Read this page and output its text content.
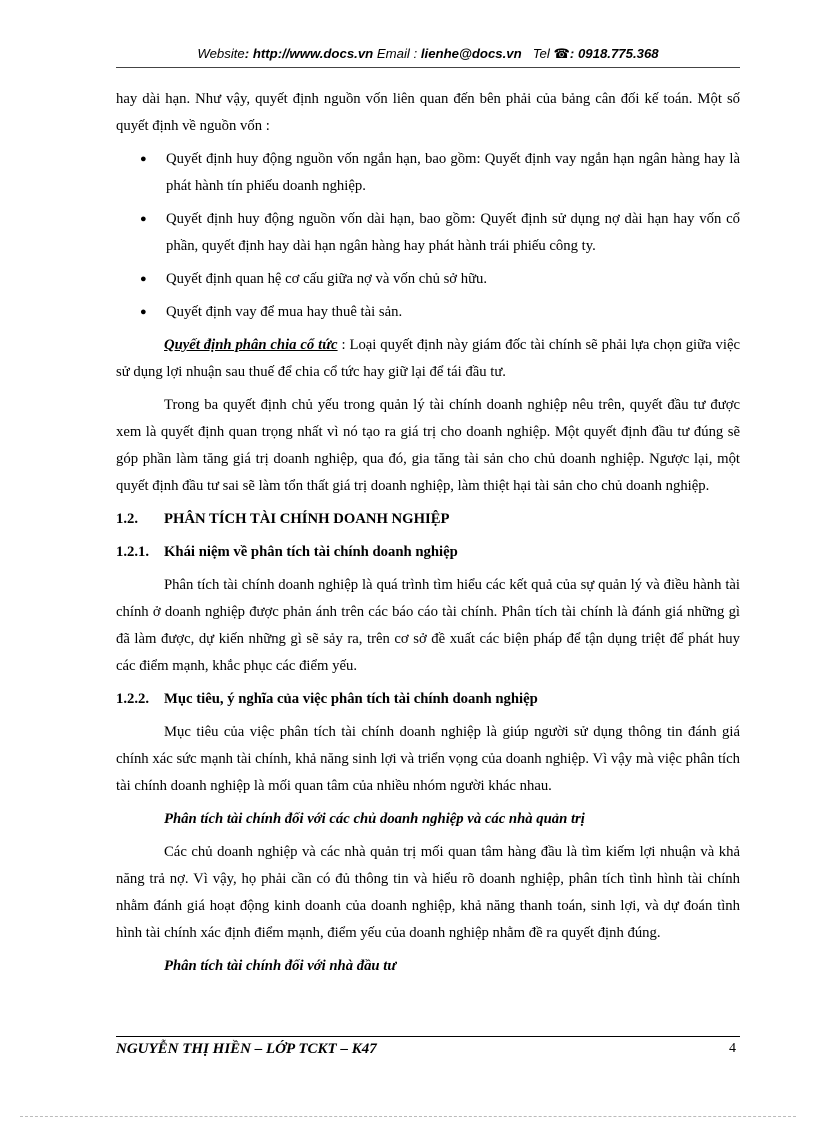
Website: http://www.docs.vn Email : lienhe@docs.vn Tel ☎: 0918.775.368

hay dài hạn. Như vậy, quyết định nguồn vốn liên quan đến bên phải của bảng cân đối kế toán. Một số quyết định về nguồn vốn :

● Quyết định huy động nguồn vốn ngắn hạn, bao gồm: Quyết định vay ngắn hạn ngân hàng hay là phát hành tín phiếu doanh nghiệp.
● Quyết định huy động nguồn vốn dài hạn, bao gồm: Quyết định sử dụng nợ dài hạn hay vốn cổ phần, quyết định hay dài hạn ngân hàng hay phát hành trái phiếu công ty.
● Quyết định quan hệ cơ cấu giữa nợ và vốn chủ sở hữu.
● Quyết định vay để mua hay thuê tài sản.

Quyết định phân chia cổ tức : Loại quyết định này giám đốc tài chính sẽ phải lựa chọn giữa việc sử dụng lợi nhuận sau thuế để chia cổ tức hay giữ lại để tái đầu tư.

Trong ba quyết định chủ yếu trong quản lý tài chính doanh nghiệp nêu trên, quyết đầu tư được xem là quyết định quan trọng nhất vì nó tạo ra giá trị cho doanh nghiệp. Một quyết định đầu tư đúng sẽ góp phần làm tăng giá trị doanh nghiệp, qua đó, gia tăng tài sản cho chủ doanh nghiệp. Ngược lại, một quyết định đầu tư sai sẽ làm tổn thất giá trị doanh nghiệp, làm thiệt hại tài sản cho chủ doanh nghiệp.

1.2. PHÂN TÍCH TÀI CHÍNH DOANH NGHIỆP
1.2.1. Khái niệm về phân tích tài chính doanh nghiệp

Phân tích tài chính doanh nghiệp là quá trình tìm hiểu các kết quả của sự quản lý và điều hành tài chính ở doanh nghiệp được phản ánh trên các báo cáo tài chính. Phân tích tài chính là đánh giá những gì đã làm được, dự kiến những gì sẽ sảy ra, trên cơ sở đề xuất các biện pháp để tận dụng triệt để phát huy các điểm mạnh, khắc phục các điểm yếu.

1.2.2. Mục tiêu, ý nghĩa của việc phân tích tài chính doanh nghiệp

Mục tiêu của việc phân tích tài chính doanh nghiệp là giúp người sử dụng thông tin đánh giá chính xác sức mạnh tài chính, khả năng sinh lợi và triển vọng của doanh nghiệp. Vì vậy mà việc phân tích tài chính doanh nghiệp là mối quan tâm của nhiều nhóm người khác nhau.

Phân tích tài chính đối với các chủ doanh nghiệp và các nhà quản trị

Các chủ doanh nghiệp và các nhà quản trị mối quan tâm hàng đầu là tìm kiếm lợi nhuận và khả năng trả nợ. Vì vậy, họ phải cần có đủ thông tin và hiểu rõ doanh nghiệp, phân tích tình hình tài chính nhằm đánh giá hoạt động kinh doanh của doanh nghiệp, khả năng thanh toán, sinh lợi, và dự đoán tình hình tài chính xác định điểm mạnh, điểm yếu của doanh nghiệp nhằm đề ra quyết định đúng.

Phân tích tài chính đối với nhà đầu tư
NGUYỄN THỊ HIỀN – LỚP TCKT – K47	4
